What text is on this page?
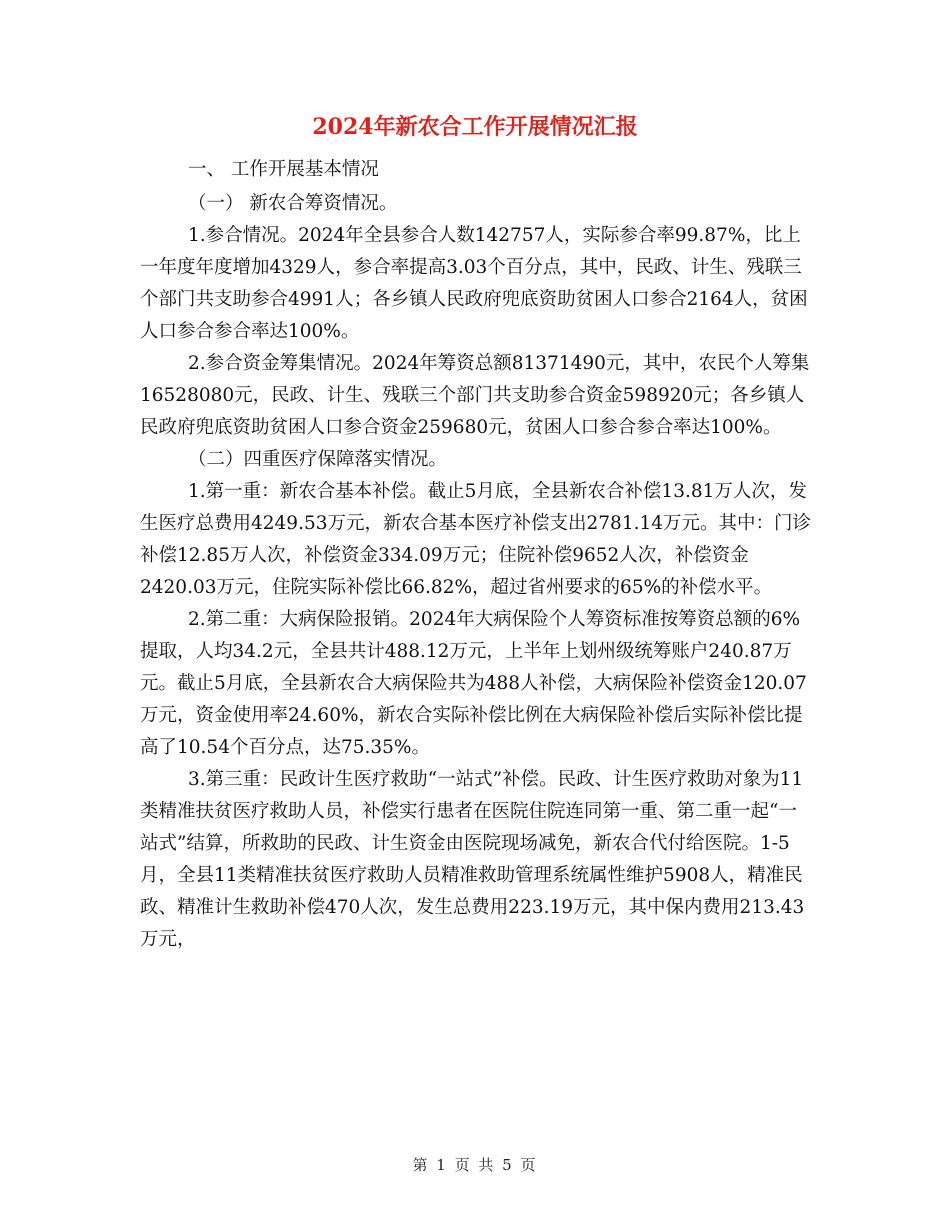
2024年新农合工作开展情况汇报

一、 工作开展基本情况

（一） 新农合筹资情况。

1.参合情况。2024年全县参合人数142757人，实际参合率99.87%，比上一年度年度增加4329人，参合率提高3.03个百分点，其中，民政、计生、残联三个部门共支助参合4991人；各乡镇人民政府兜底资助贫困人口参合2164人，贫困人口参合参合率达100%。

2.参合资金筹集情况。2024年筹资总额81371490元，其中，农民个人筹集16528080元，民政、计生、残联三个部门共支助参合资金598920元；各乡镇人民政府兜底资助贫困人口参合资金259680元，贫困人口参合参合率达100%。

（二）四重医疗保障落实情况。

1.第一重：新农合基本补偿。截止5月底，全县新农合补偿13.81万人次，发生医疗总费用4249.53万元，新农合基本医疗补偿支出2781.14万元。其中：门诊补偿12.85万人次，补偿资金334.09万元；住院补偿9652人次，补偿资金2420.03万元，住院实际补偿比66.82%，超过省州要求的65%的补偿水平。

2.第二重：大病保险报销。2024年大病保险个人筹资标准按筹资总额的6%提取，人均34.2元，全县共计488.12万元，上半年上划州级统筹账户240.87万元。截止5月底，全县新农合大病保险共为488人补偿，大病保险补偿资金120.07万元，资金使用率24.60%，新农合实际补偿比例在大病保险补偿后实际补偿比提高了10.54个百分点，达75.35%。

3.第三重：民政计生医疗救助“一站式”补偿。民政、计生医疗救助对象为11类精准扶贫医疗救助人员，补偿实行患者在医院住院连同第一重、第二重一起“一站式”结算，所救助的民政、计生资金由医院现场减免，新农合代付给医院。1-5月，全县11类精准扶贫医疗救助人员精准救助管理系统属性维护5908人，精准民政、精准计生救助补偿470人次，发生总费用223.19万元，其中保内费用213.43万元，

第 1 页 共 5 页
